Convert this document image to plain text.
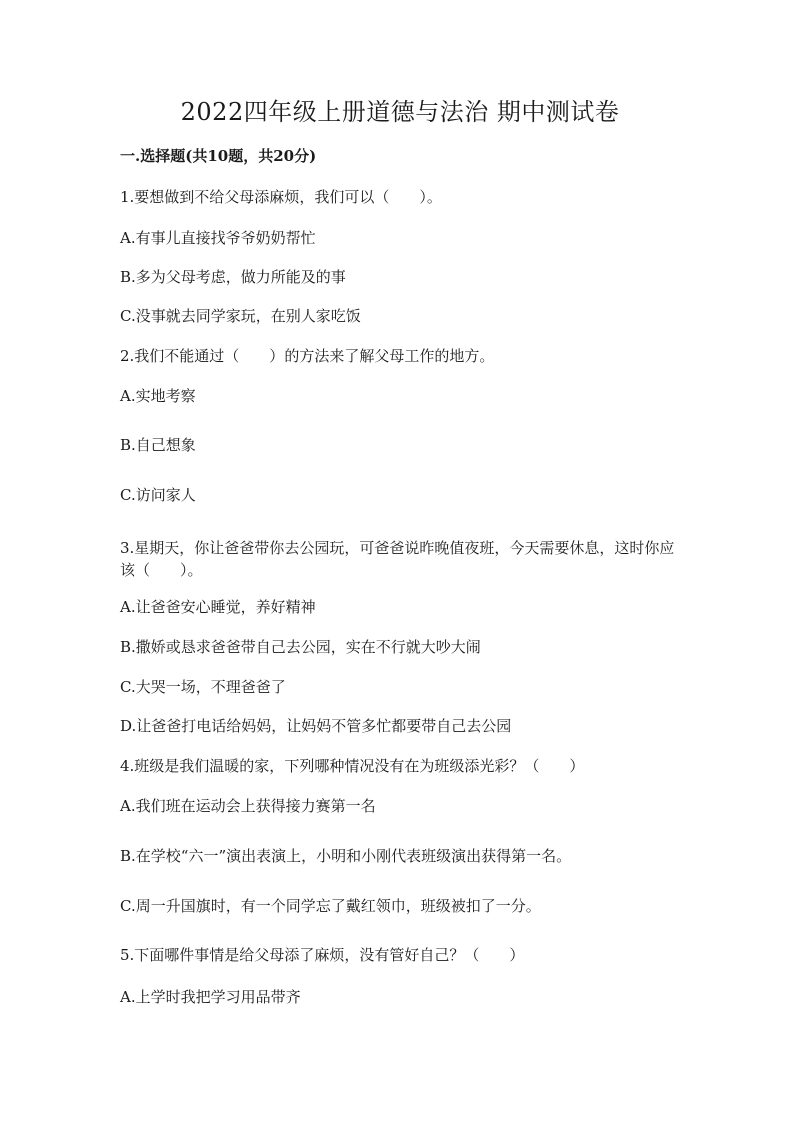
2022四年级上册道德与法治 期中测试卷

一.选择题(共10题，共20分)

1.要想做到不给父母添麻烦，我们可以（　　）。

A.有事儿直接找爷爷奶奶帮忙

B.多为父母考虑，做力所能及的事

C.没事就去同学家玩，在别人家吃饭

2.我们不能通过（　　）的方法来了解父母工作的地方。

A.实地考察

B.自己想象

C.访问家人

3.星期天，你让爸爸带你去公园玩，可爸爸说昨晚值夜班，今天需要休息，这时你应该（　　）。

A.让爸爸安心睡觉，养好精神

B.撒娇或恳求爸爸带自己去公园，实在不行就大吵大闹

C.大哭一场，不理爸爸了

D.让爸爸打电话给妈妈，让妈妈不管多忙都要带自己去公园

4.班级是我们温暖的家，下列哪种情况没有在为班级添光彩？（　　）

A.我们班在运动会上获得接力赛第一名

B.在学校“六一”演出表演上，小明和小刚代表班级演出获得第一名。

C.周一升国旗时，有一个同学忘了戴红领巾，班级被扣了一分。

5.下面哪件事情是给父母添了麻烦，没有管好自己？（　　）

A.上学时我把学习用品带齐
